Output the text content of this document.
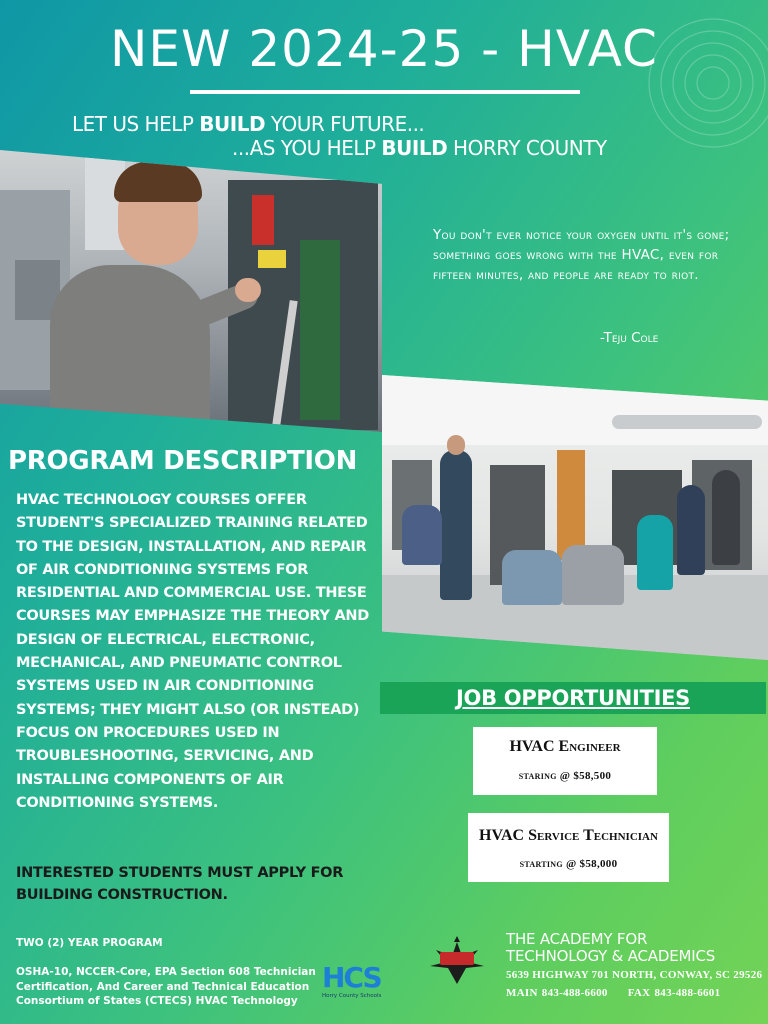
NEW 2024-25 - HVAC
LET US HELP BUILD YOUR FUTURE...
...AS YOU HELP BUILD HORRY COUNTY

You don't ever notice your oxygen until it's gone; something goes wrong with the HVAC, even for fifteen minutes, and people are ready to riot.

-Teju Cole

PROGRAM DESCRIPTION

HVAC TECHNOLOGY COURSES OFFER STUDENT'S SPECIALIZED TRAINING RELATED TO THE DESIGN, INSTALLATION, AND REPAIR OF AIR CONDITIONING SYSTEMS FOR RESIDENTIAL AND COMMERCIAL USE. THESE COURSES MAY EMPHASIZE THE THEORY AND DESIGN OF ELECTRICAL, ELECTRONIC, MECHANICAL, AND PNEUMATIC CONTROL SYSTEMS USED IN AIR CONDITIONING SYSTEMS; THEY MIGHT ALSO (OR INSTEAD) FOCUS ON PROCEDURES USED IN TROUBLESHOOTING, SERVICING, AND INSTALLING COMPONENTS OF AIR CONDITIONING SYSTEMS.

INTERESTED STUDENTS MUST APPLY FOR BUILDING CONSTRUCTION.

JOB OPPORTUNITIES
HVAC Engineer
staring @ $58,500
HVAC Service Technician
starting @ $58,000

TWO (2) YEAR PROGRAM

OSHA-10, NCCER-Core, EPA Section 608 Technician Certification, And Career and Technical Education Consortium of States (CTECS) HVAC Technology

HCS
Horry County Schools
THE ACADEMY FOR
TECHNOLOGY & ACADEMICS
5639 HIGHWAY 701 NORTH, CONWAY, SC 29526
MAIN 843-488-6600 FAX 843-488-6601
